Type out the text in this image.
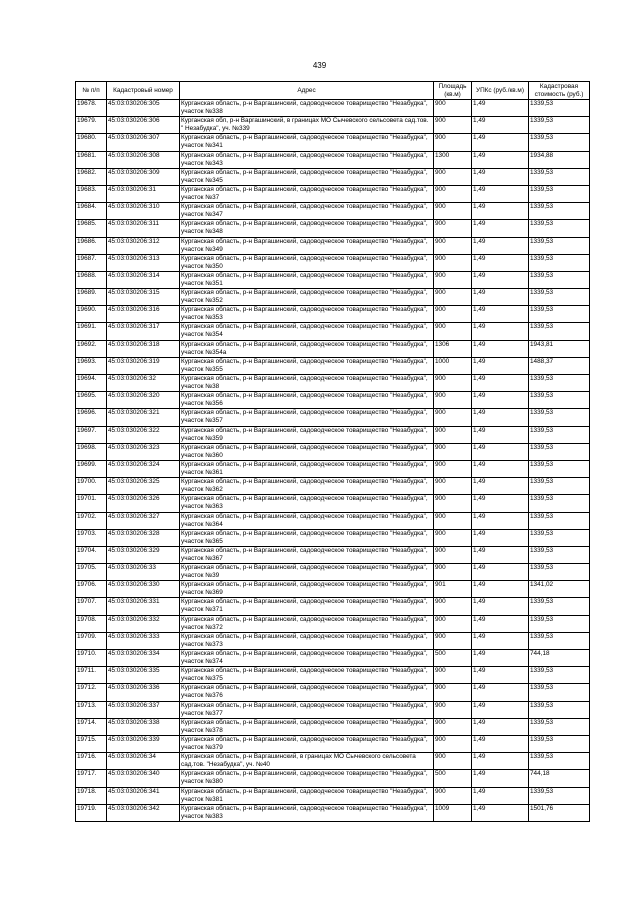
439
№ п/п	Кадастровый номер	Адрес	Площадь (кв.м)	УПКс (руб./кв.м)	Кадастровая стоимость (руб.)
19678.	45:03:030206:305	Курганская область, р-н Варгашинский, садоводческое товарищество "Незабудка", участок №338	900	1,49	1339,53
19679.	45:03:030206:306	Курганская обл, р-н Варгашинский, в границах МО Сычевского сельсовета сад.тов. " Незабудка", уч. №339	900	1,49	1339,53
19680.	45:03:030206:307	Курганская область, р-н Варгашинский, садоводческое товарищество "Незабудка", участок №341	900	1,49	1339,53
19681.	45:03:030206:308	Курганская область, р-н Варгашинский, садоводческое товарищество "Незабудка", участок №343	1300	1,49	1934,88
19682.	45:03:030206:309	Курганская область, р-н Варгашинский, садоводческое товарищество "Незабудка", участок №345	900	1,49	1339,53
19683.	45:03:030206:31	Курганская область, р-н Варгашинский, садоводческое товарищество "Незабудка", участок №37	900	1,49	1339,53
19684.	45:03:030206:310	Курганская область, р-н Варгашинский, садоводческое товарищество "Незабудка", участок №347	900	1,49	1339,53
19685.	45:03:030206:311	Курганская область, р-н Варгашинский, садоводческое товарищество "Незабудка", участок №348	900	1,49	1339,53
19686.	45:03:030206:312	Курганская область, р-н Варгашинский, садоводческое товарищество "Незабудка", участок №349	900	1,49	1339,53
19687.	45:03:030206:313	Курганская область, р-н Варгашинский, садоводческое товарищество "Незабудка", участок №350	900	1,49	1339,53
19688.	45:03:030206:314	Курганская область, р-н Варгашинский, садоводческое товарищество "Незабудка", участок №351	900	1,49	1339,53
19689.	45:03:030206:315	Курганская область, р-н Варгашинский, садоводческое товарищество "Незабудка", участок №352	900	1,49	1339,53
19690.	45:03:030206:316	Курганская область, р-н Варгашинский, садоводческое товарищество "Незабудка", участок №353	900	1,49	1339,53
19691.	45:03:030206:317	Курганская область, р-н Варгашинский, садоводческое товарищество "Незабудка", участок №354	900	1,49	1339,53
19692.	45:03:030206:318	Курганская область, р-н Варгашинский, садоводческое товарищество "Незабудка", участок №354а	1306	1,49	1943,81
19693.	45:03:030206:319	Курганская область, р-н Варгашинский, садоводческое товарищество "Незабудка", участок №355	1000	1,49	1488,37
19694.	45:03:030206:32	Курганская область, р-н Варгашинский, садоводческое товарищество "Незабудка", участок №38	900	1,49	1339,53
19695.	45:03:030206:320	Курганская область, р-н Варгашинский, садоводческое товарищество "Незабудка", участок №356	900	1,49	1339,53
19696.	45:03:030206:321	Курганская область, р-н Варгашинский, садоводческое товарищество "Незабудка", участок №357	900	1,49	1339,53
19697.	45:03:030206:322	Курганская область, р-н Варгашинский, садоводческое товарищество "Незабудка", участок №359	900	1,49	1339,53
19698.	45:03:030206:323	Курганская область, р-н Варгашинский, садоводческое товарищество "Незабудка", участок №360	900	1,49	1339,53
19699.	45:03:030206:324	Курганская область, р-н Варгашинский, садоводческое товарищество "Незабудка", участок №361	900	1,49	1339,53
19700.	45:03:030206:325	Курганская область, р-н Варгашинский, садоводческое товарищество "Незабудка", участок №362	900	1,49	1339,53
19701.	45:03:030206:326	Курганская область, р-н Варгашинский, садоводческое товарищество "Незабудка", участок №363	900	1,49	1339,53
19702.	45:03:030206:327	Курганская область, р-н Варгашинский, садоводческое товарищество "Незабудка", участок №364	900	1,49	1339,53
19703.	45:03:030206:328	Курганская область, р-н Варгашинский, садоводческое товарищество "Незабудка", участок №365	900	1,49	1339,53
19704.	45:03:030206:329	Курганская область, р-н Варгашинский, садоводческое товарищество "Незабудка", участок №367	900	1,49	1339,53
19705.	45:03:030206:33	Курганская область, р-н Варгашинский, садоводческое товарищество "Незабудка", участок №39	900	1,49	1339,53
19706.	45:03:030206:330	Курганская область, р-н Варгашинский, садоводческое товарищество "Незабудка", участок №369	901	1,49	1341,02
19707.	45:03:030206:331	Курганская область, р-н Варгашинский, садоводческое товарищество "Незабудка", участок №371	900	1,49	1339,53
19708.	45:03:030206:332	Курганская область, р-н Варгашинский, садоводческое товарищество "Незабудка", участок №372	900	1,49	1339,53
19709.	45:03:030206:333	Курганская область, р-н Варгашинский, садоводческое товарищество "Незабудка", участок №373	900	1,49	1339,53
19710.	45:03:030206:334	Курганская область, р-н Варгашинский, садоводческое товарищество "Незабудка", участок №374	500	1,49	744,18
19711.	45:03:030206:335	Курганская область, р-н Варгашинский, садоводческое товарищество "Незабудка", участок №375	900	1,49	1339,53
19712.	45:03:030206:336	Курганская область, р-н Варгашинский, садоводческое товарищество "Незабудка", участок №376	900	1,49	1339,53
19713.	45:03:030206:337	Курганская область, р-н Варгашинский, садоводческое товарищество "Незабудка", участок №377	900	1,49	1339,53
19714.	45:03:030206:338	Курганская область, р-н Варгашинский, садоводческое товарищество "Незабудка", участок №378	900	1,49	1339,53
19715.	45:03:030206:339	Курганская область, р-н Варгашинский, садоводческое товарищество "Незабудка", участок №379	900	1,49	1339,53
19716.	45:03:030206:34	Курганская область, р-н Варгашинский, в границах МО Сычевского сельсовета сад.тов. "Незабудка", уч. №40	900	1,49	1339,53
19717.	45:03:030206:340	Курганская область, р-н Варгашинский, садоводческое товарищество "Незабудка", участок №380	500	1,49	744,18
19718.	45:03:030206:341	Курганская область, р-н Варгашинский, садоводческое товарищество "Незабудка", участок №381	900	1,49	1339,53
19719.	45:03:030206:342	Курганская область, р-н Варгашинский, садоводческое товарищество "Незабудка", участок №383	1009	1,49	1501,76
